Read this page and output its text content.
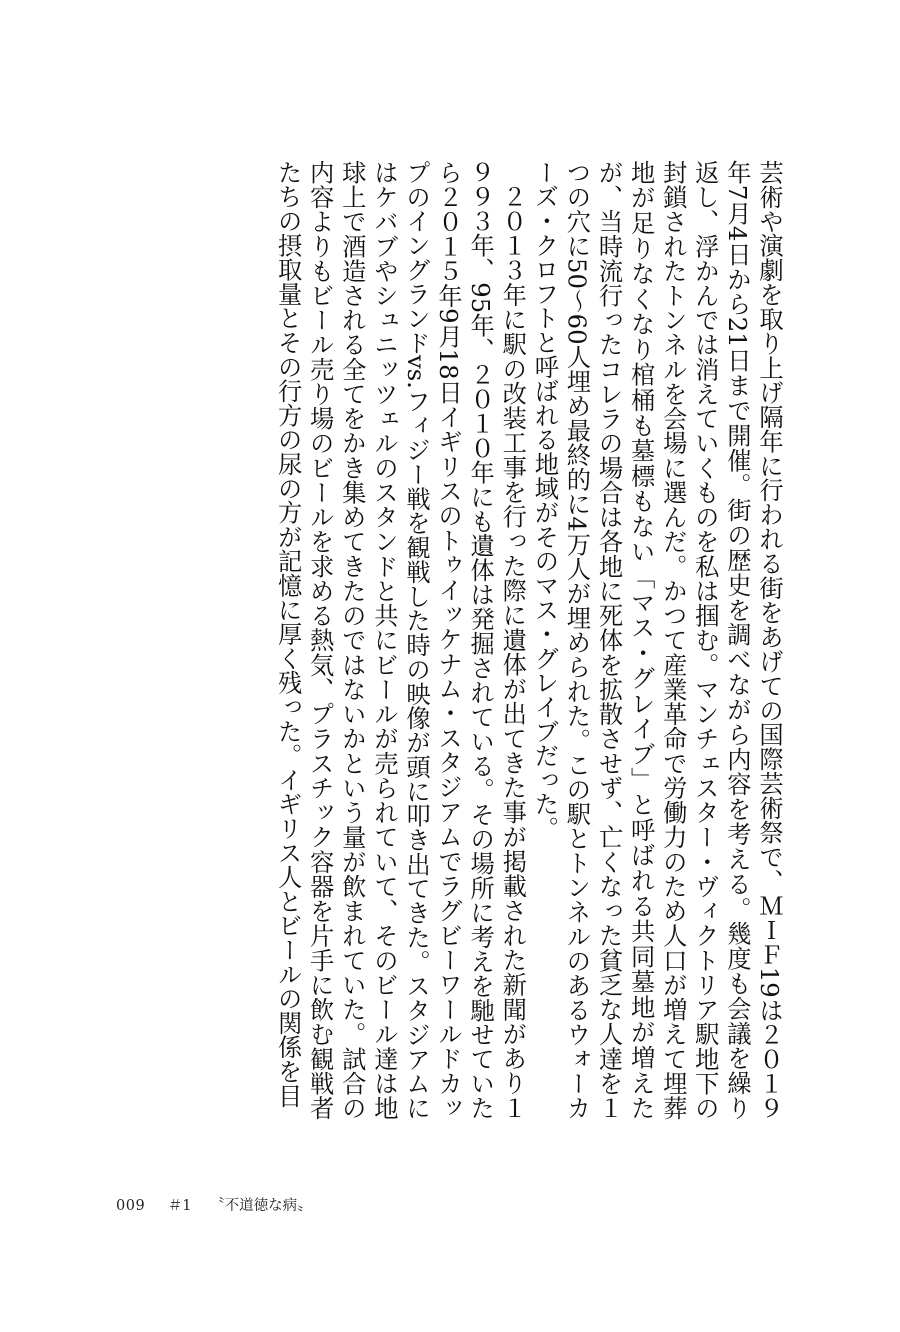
芸術や演劇を取り上げ隔年に行われる街をあげての国際芸術祭で、ＭＩＦ19は２０１９年7月4日から21日まで開催。街の歴史を調べながら内容を考える。幾度も会議を繰り返し、浮かんでは消えていくものを私は掴む。マンチェスター・ヴィクトリア駅地下の封鎖されたトンネルを会場に選んだ。かつて産業革命で労働力のため人口が増えて埋葬地が足りなくなり棺桶も墓標もない「マス・グレイブ」と呼ばれる共同墓地が増えたが、当時流行ったコレラの場合は各地に死体を拡散させず、亡くなった貧乏な人達を１つの穴に50〜60人埋め最終的に4万人が埋められた。この駅とトンネルのあるウォーカーズ・クロフトと呼ばれる地域がそのマス・グレイブだった。

２０１３年に駅の改装工事を行った際に遺体が出てきた事が掲載された新聞があり１９９３年、95年、２０１０年にも遺体は発掘されている。その場所に考えを馳せていたら２０１５年9月18日イギリスのトゥイッケナム・スタジアムでラグビーワールドカップのイングランドvs.フィジー戦を観戦した時の映像が頭に叩き出てきた。スタジアムにはケバブやシュニッツェルのスタンドと共にビールが売られていて、そのビール達は地球上で酒造される全てをかき集めてきたのではないかという量が飲まれていた。試合の内容よりもビール売り場のビールを求める熱気、プラスチック容器を片手に飲む観戦者たちの摂取量とその行方の尿の方が記憶に厚く残った。イギリス人とビールの関係を目

009 ＃1 〝不道徳な病〟
